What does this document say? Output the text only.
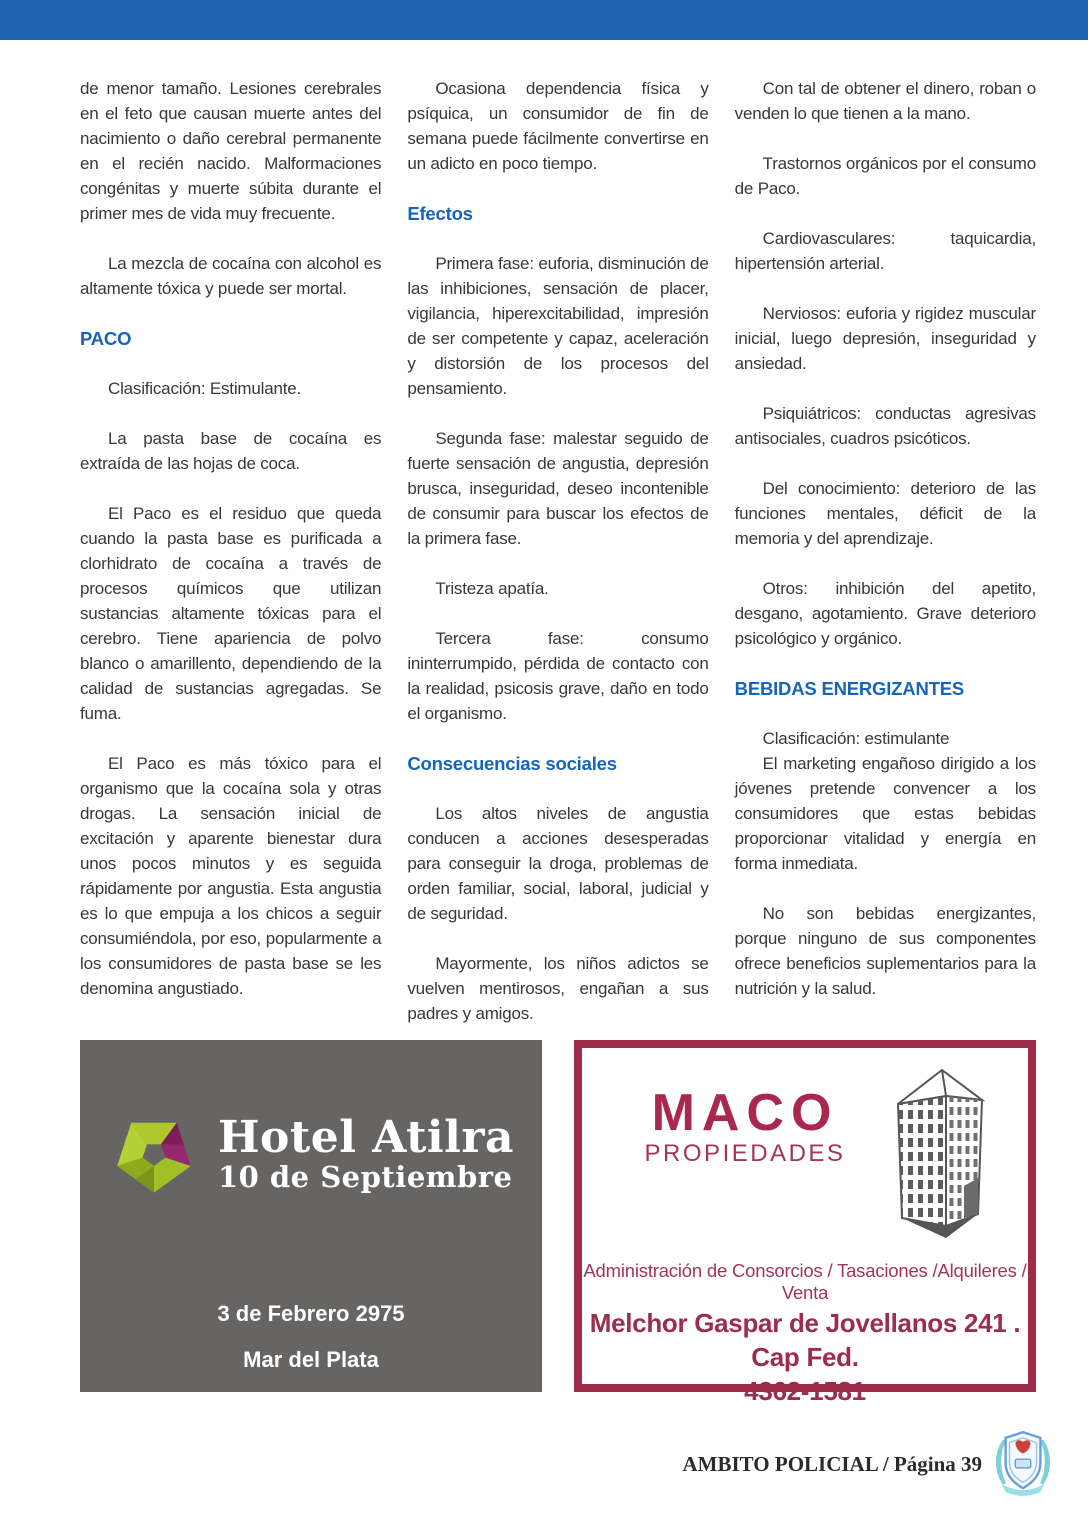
de menor tamaño. Lesiones cerebrales en el feto que causan muerte antes del nacimiento o daño cerebral permanente en el recién nacido. Malformaciones congénitas y muerte súbita durante el primer mes de vida muy frecuente.

La mezcla de cocaína con alcohol es altamente tóxica y puede ser mortal.

PACO

Clasificación: Estimulante.

La pasta base de cocaína es extraída de las hojas de coca.

El Paco es el residuo que queda cuando la pasta base es purificada a clorhidrato de cocaína a través de procesos químicos que utilizan sustancias altamente tóxicas para el cerebro. Tiene apariencia de polvo blanco o amarillento, dependiendo de la calidad de sustancias agregadas. Se fuma.

El Paco es más tóxico para el organismo que la cocaína sola y otras drogas. La sensación inicial de excitación y aparente bienestar dura unos pocos minutos y es seguida rápidamente por angustia. Esta angustia es lo que empuja a los chicos a seguir consumiéndola, por eso, popularmente a los consumidores de pasta base se les denomina angustiado.

Ocasiona dependencia física y psíquica, un consumidor de fin de semana puede fácilmente convertirse en un adicto en poco tiempo.

Efectos

Primera fase: euforia, disminución de las inhibiciones, sensación de placer, vigilancia, hiperexcitabilidad, impresión de ser competente y capaz, aceleración y distorsión de los procesos del pensamiento.

Segunda fase: malestar seguido de fuerte sensación de angustia, depresión brusca, inseguridad, deseo incontenible de consumir para buscar los efectos de la primera fase.

Tristeza apatía.

Tercera fase: consumo ininterrumpido, pérdida de contacto con la realidad, psicosis grave, daño en todo el organismo.

Consecuencias sociales

Los altos niveles de angustia conducen a acciones desesperadas para conseguir la droga, problemas de orden familiar, social, laboral, judicial y de seguridad.

Mayormente, los niños adictos se vuelven mentirosos, engañan a sus padres y amigos.

Con tal de obtener el dinero, roban o venden lo que tienen a la mano.

Trastornos orgánicos por el consumo de Paco.

Cardiovasculares: taquicardia, hipertensión arterial.

Nerviosos: euforia y rigidez muscular inicial, luego depresión, inseguridad y ansiedad.

Psiquiátricos: conductas agresivas antisociales, cuadros psicóticos.

Del conocimiento: deterioro de las funciones mentales, déficit de la memoria y del aprendizaje.

Otros: inhibición del apetito, desgano, agotamiento. Grave deterioro psicológico y orgánico.

BEBIDAS ENERGIZANTES

Clasificación: estimulante

El marketing engañoso dirigido a los jóvenes pretende convencer a los consumidores que estas bebidas proporcionar vitalidad y energía en forma inmediata.

No son bebidas energizantes, porque ninguno de sus componentes ofrece beneficios suplementarios para la nutrición y la salud.

Hotel Atilra
10 de Septiembre
3 de Febrero 2975
Mar del Plata
MACO
PROPIEDADES
Administración de Consorcios / Tasaciones /Alquileres / Venta
Melchor Gaspar de Jovellanos 241 . Cap Fed.
4362-1581
AMBITO POLICIAL / Página 39
